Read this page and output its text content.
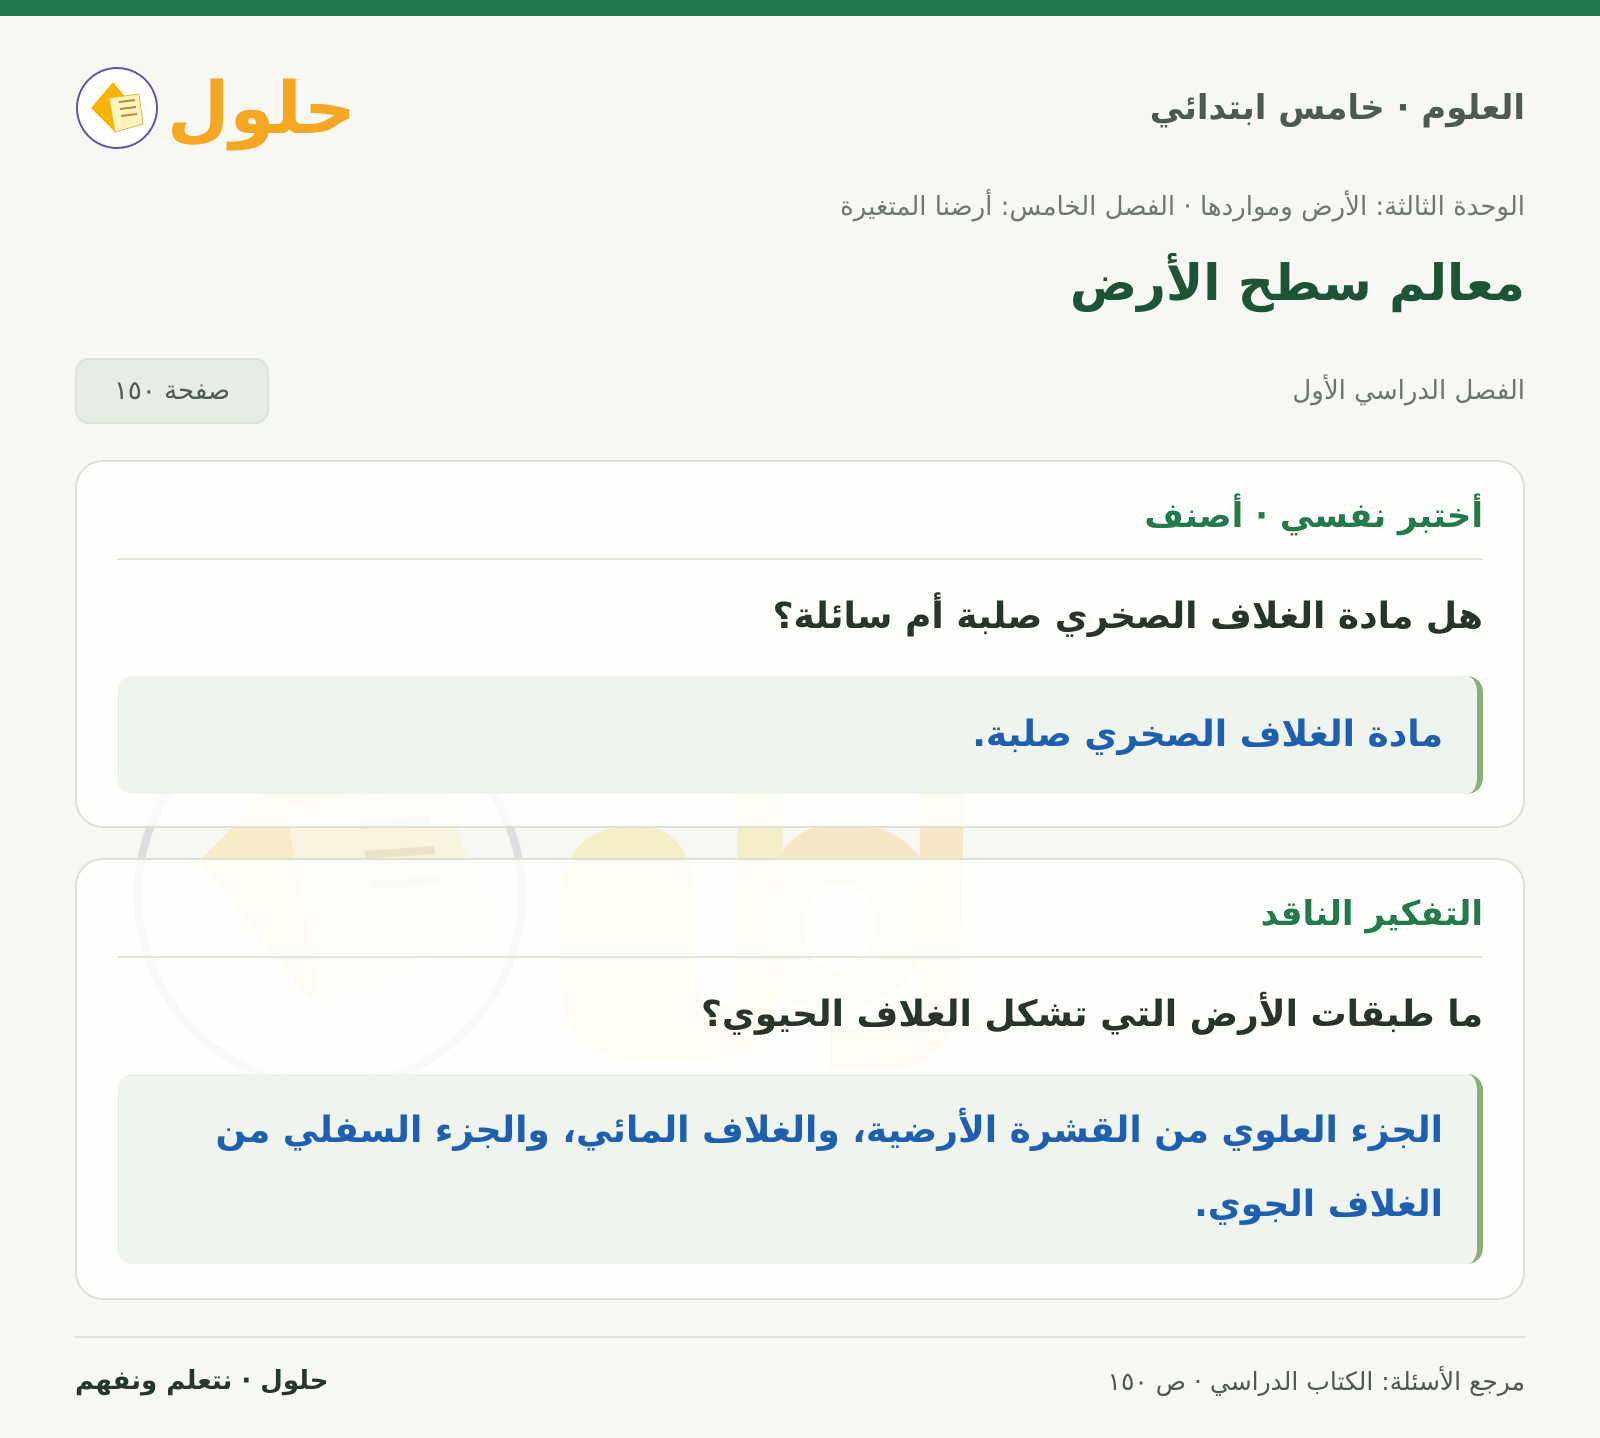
العلوم · خامس ابتدائي
حلول
الوحدة الثالثة: الأرض ومواردها · الفصل الخامس: أرضنا المتغيرة
معالم سطح الأرض
الفصل الدراسي الأول
صفحة ١٥٠
أختبر نفسي · أصنف
هل مادة الغلاف الصخري صلبة أم سائلة؟
مادة الغلاف الصخري صلبة.
التفكير الناقد
ما طبقات الأرض التي تشكل الغلاف الحيوي؟
الجزء العلوي من القشرة الأرضية، والغلاف المائي، والجزء السفلي من الغلاف الجوي.
مرجع الأسئلة: الكتاب الدراسي · ص ١٥٠
حلول · نتعلم ونفهم
